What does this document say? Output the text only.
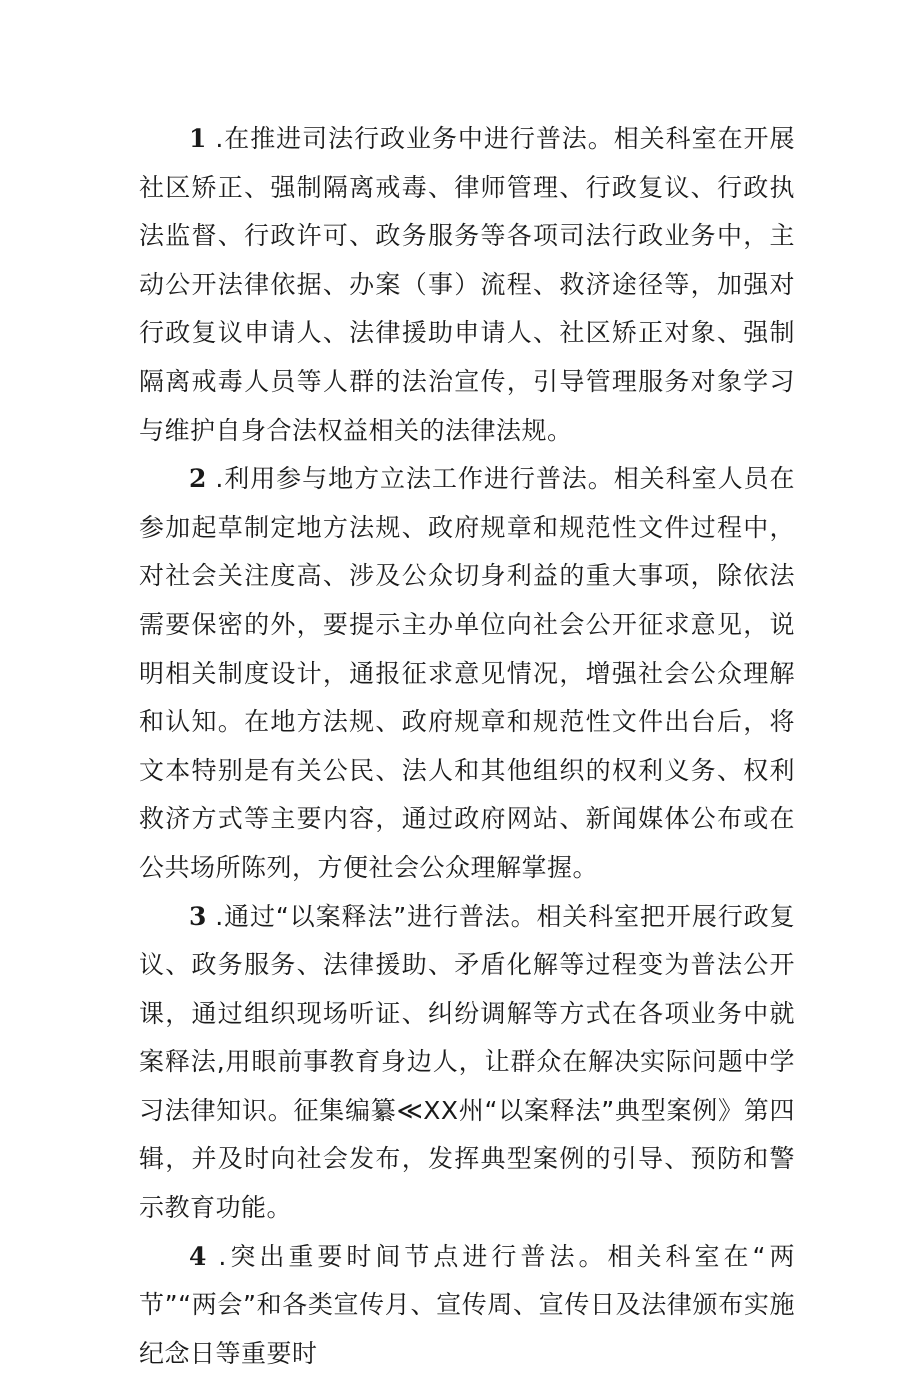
1 .在推进司法行政业务中进行普法。相关科室在开展社区矫正、强制隔离戒毒、律师管理、行政复议、行政执法监督、行政许可、政务服务等各项司法行政业务中，主动公开法律依据、办案（事）流程、救济途径等，加强对行政复议申请人、法律援助申请人、社区矫正对象、强制隔离戒毒人员等人群的法治宣传，引导管理服务对象学习与维护自身合法权益相关的法律法规。

2 .利用参与地方立法工作进行普法。相关科室人员在参加起草制定地方法规、政府规章和规范性文件过程中，对社会关注度高、涉及公众切身利益的重大事项，除依法需要保密的外，要提示主办单位向社会公开征求意见，说明相关制度设计，通报征求意见情况，增强社会公众理解和认知。在地方法规、政府规章和规范性文件出台后，将文本特别是有关公民、法人和其他组织的权利义务、权利救济方式等主要内容，通过政府网站、新闻媒体公布或在公共场所陈列，方便社会公众理解掌握。

3 .通过“以案释法”进行普法。相关科室把开展行政复议、政务服务、法律援助、矛盾化解等过程变为普法公开课，通过组织现场听证、纠纷调解等方式在各项业务中就案释法,用眼前事教育身边人，让群众在解决实际问题中学习法律知识。征集编纂≪XX州“以案释法”典型案例》第四辑，并及时向社会发布，发挥典型案例的引导、预防和警示教育功能。

4 .突出重要时间节点进行普法。相关科室在“两节”“两会”和各类宣传月、宣传周、宣传日及法律颁布实施纪念日等重要时
